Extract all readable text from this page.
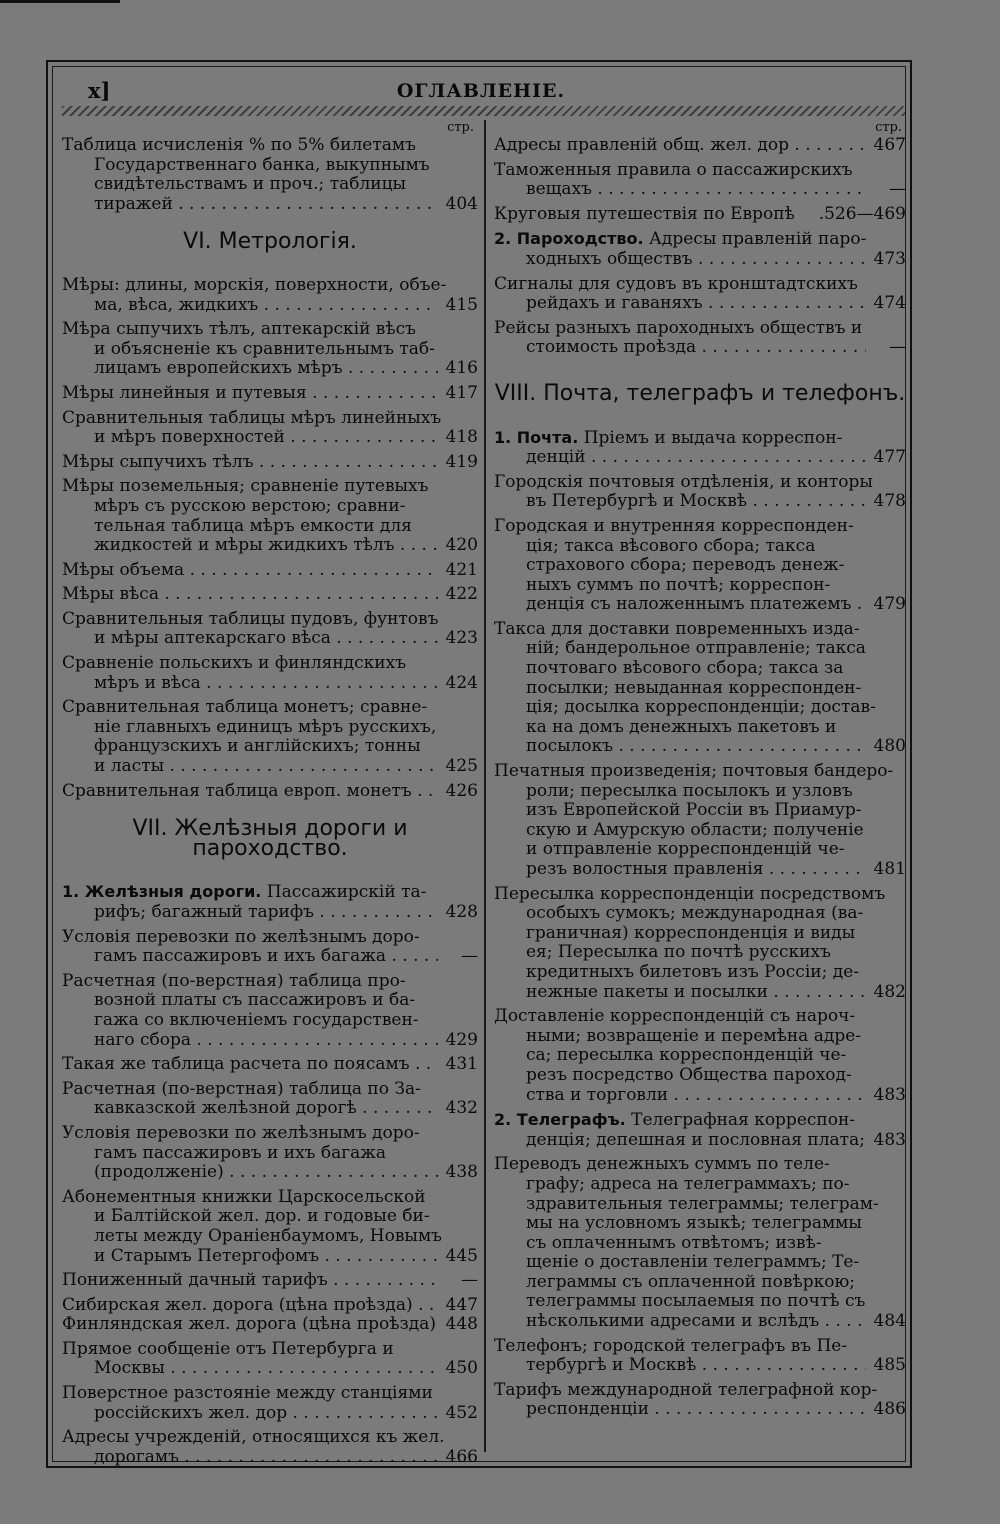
x]	ОГЛАВЛЕНІЕ.
стр.
Таблица исчисленія % по 5% билетамъ
Государственнаго банка, выкупнымъ
свидѣтельствамъ и проч.; таблицы
тиражей . . .	404
VI. Метрологія.
Мѣры: длины, морскія, поверхности, объе-
ма, вѣса, жидкихъ . . .	415
Мѣра сыпучихъ тѣлъ, аптекарскій вѣсъ
и объясненіе къ сравнительнымъ таб-
лицамъ европейскихъ мѣръ . . .	416
Мѣры линейныя и путевыя . . .	417
Сравнительныя таблицы мѣръ линейныхъ
и мѣръ поверхностей . . .	418
Мѣры сыпучихъ тѣлъ . . .	419
Мѣры поземельныя; сравненіе путевыхъ
мѣръ съ русскою верстою; сравни-
тельная таблица мѣръ емкости для
жидкостей и мѣры жидкихъ тѣлъ . . .	420
Мѣры объема . . .	421
Мѣры вѣса . . .	422
Сравнительныя таблицы пудовъ, фунтовъ
и мѣры аптекарскаго вѣса . . .	423
Сравненіе польскихъ и финляндскихъ
мѣръ и вѣса . . .	424
Сравнительная таблица монетъ; сравне-
ніе главныхъ единицъ мѣръ русскихъ,
французскихъ и англійскихъ; тонны
и ласты . . .	425
Сравнительная таблица европ. монетъ . . .	426
VII. Желѣзныя дороги и пароходство.
1. Желѣзныя дороги. Пассажирскій та-
рифъ; багажный тарифъ . . .	428
Условія перевозки по желѣзнымъ доро-
гамъ пассажировъ и ихъ багажа . . .	—
Расчетная (по-верстная) таблица про-
возной платы съ пассажировъ и ба-
гажа со включеніемъ государствен-
наго сбора . . .	429
Такая же таблица расчета по поясамъ . . .	431
Расчетная (по-верстная) таблица по За-
кавказской желѣзной дорогѣ . . .	432
Условія перевозки по желѣзнымъ доро-
гамъ пассажировъ и ихъ багажа
(продолженіе) . . .	438
Абонементныя книжки Царскосельской
и Балтійской жел. дор. и годовые би-
леты между Ораніенбаумомъ, Новымъ
и Старымъ Петергофомъ . . .	445
Пониженный дачный тарифъ . . .	—
Сибирская жел. дорога (цѣна проѣзда) . . .	447
Финляндская жел. дорога (цѣна проѣзда) . . . 448
Прямое сообщеніе отъ Петербурга и
Москвы . . .	450
Поверстное разстояніе между станціями
россійскихъ жел. дор . . .	452
Адресы учрежденій, относящихся къ жел.
дорогамъ . . .	466
стр.
Адресы правленій общ. жел. дор . . .	467
Таможенныя правила о пассажирскихъ
вещахъ . . .	—
Круговыя путешествія по Европѣ	.526—469
2. Пароходство. Адресы правленій паро-
ходныхъ обществъ . . .	473
Сигналы для судовъ въ кронштадтскихъ
рейдахъ и гаваняхъ . . .	474
Рейсы разныхъ пароходныхъ обществъ и
стоимость проѣзда . . .	—
VIII. Почта, телеграфъ и телефонъ.
1. Почта. Пріемъ и выдача корреспон-
денцій . . .	477
Городскія почтовыя отдѣленія, и конторы
въ Петербургѣ и Москвѣ . . .	478
Городская и внутренняя корреспонден-
ція; такса вѣсового сбора; такса
страхового сбора; переводъ денеж-
ныхъ суммъ по почтѣ; корреспон-
денція съ наложеннымъ платежемъ . . .	479
Такса для доставки повременныхъ изда-
ній; бандерольное отправленіе; такса
почтоваго вѣсового сбора; такса за
посылки; невыданная корреспонден-
ція; досылка корреспонденціи; достав-
ка на домъ денежныхъ пакетовъ и
посылокъ . . .	480
Печатныя произведенія; почтовыя бандеро-
роли; пересылка посылокъ и узловъ
изъ Европейской Россіи въ Приамур-
скую и Амурскую области; полученіе
и отправленіе корреспонденцій че-
резъ волостныя правленія . . .	481
Пересылка корреспонденціи посредствомъ
особыхъ сумокъ; международная (ва-
граничная) корреспонденція и виды
ея; Пересылка по почтѣ русскихъ
кредитныхъ билетовъ изъ Россіи; де-
нежные пакеты и посылки . . .	482
Доставленіе корреспонденцій съ нароч-
ными; возвращеніе и перемѣна адре-
са; пересылка корреспонденцій че-
резъ посредство Общества пароход-
ства и торговли . . .	483
2. Телеграфъ. Телеграфная корреспон-
денція; депешная и пословная плата; 483
Переводъ денежныхъ суммъ по теле-
графу; адреса на телеграммахъ; по-
здравительныя телеграммы; телеграм-
мы на условномъ языкѣ; телеграммы
съ оплаченнымъ отвѣтомъ; извѣ-
щеніе о доставленіи телеграммъ; Те-
леграммы съ оплаченной повѣркою;
телеграммы посылаемыя по почтѣ съ
нѣсколькими адресами и вслѣдъ . . .	484
Телефонъ; городской телеграфъ въ Пе-
тербургѣ и Москвѣ . . .	485
Тарифъ международной телеграфной кор-
респонденціи . . .	486
